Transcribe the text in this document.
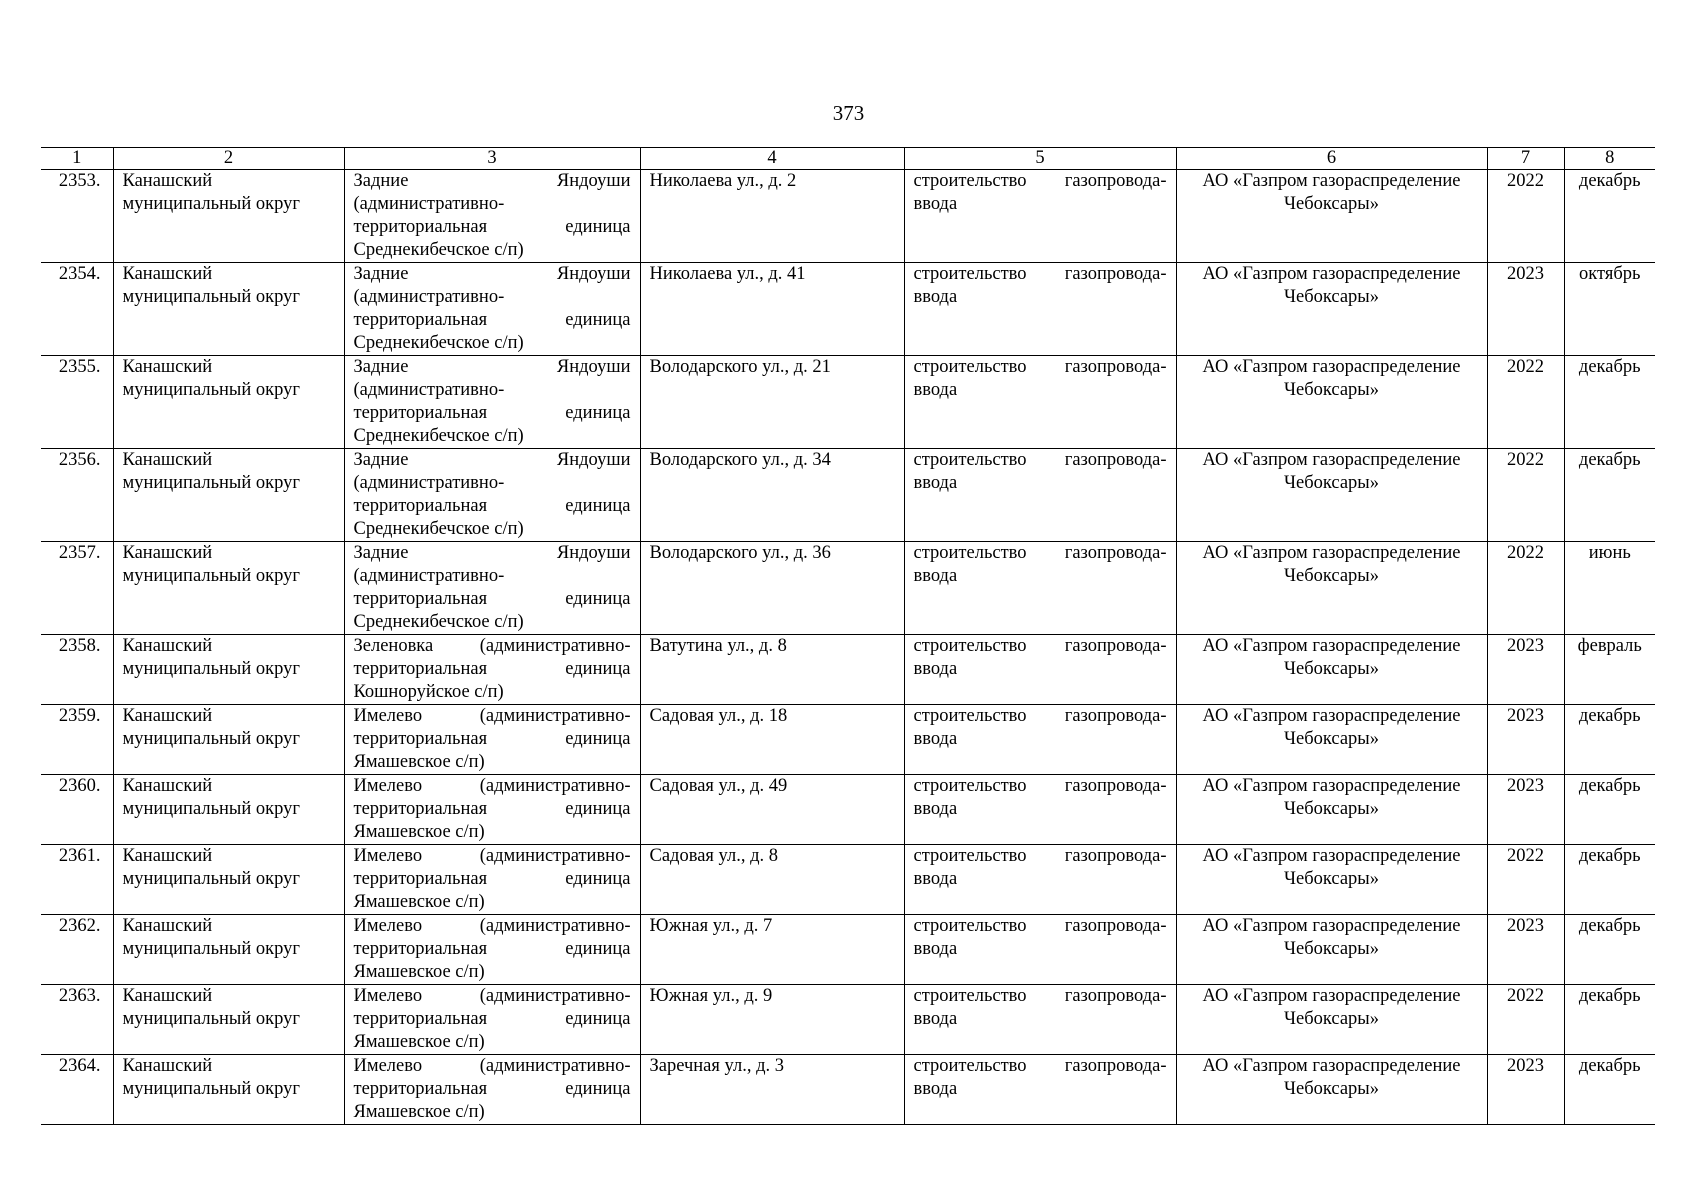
373
1	2	3	4	5	6	7	8
2353.	Канашский муниципальный округ	Задние Яндоуши (административно-территориальная единица Среднекибечское с/п)	Николаева ул., д. 2	строительство газопровода-ввода	АО «Газпром газораспределение Чебоксары»	2022	декабрь
2354.	Канашский муниципальный округ	Задние Яндоуши (административно-территориальная единица Среднекибечское с/п)	Николаева ул., д. 41	строительство газопровода-ввода	АО «Газпром газораспределение Чебоксары»	2023	октябрь
2355.	Канашский муниципальный округ	Задние Яндоуши (административно-территориальная единица Среднекибечское с/п)	Володарского ул., д. 21	строительство газопровода-ввода	АО «Газпром газораспределение Чебоксары»	2022	декабрь
2356.	Канашский муниципальный округ	Задние Яндоуши (административно-территориальная единица Среднекибечское с/п)	Володарского ул., д. 34	строительство газопровода-ввода	АО «Газпром газораспределение Чебоксары»	2022	декабрь
2357.	Канашский муниципальный округ	Задние Яндоуши (административно-территориальная единица Среднекибечское с/п)	Володарского ул., д. 36	строительство газопровода-ввода	АО «Газпром газораспределение Чебоксары»	2022	июнь
2358.	Канашский муниципальный округ	Зеленовка (административно-территориальная единица Кошноруйское с/п)	Ватутина ул., д. 8	строительство газопровода-ввода	АО «Газпром газораспределение Чебоксары»	2023	февраль
2359.	Канашский муниципальный округ	Имелево (административно-территориальная единица Ямашевское с/п)	Садовая ул., д. 18	строительство газопровода-ввода	АО «Газпром газораспределение Чебоксары»	2023	декабрь
2360.	Канашский муниципальный округ	Имелево (административно-территориальная единица Ямашевское с/п)	Садовая ул., д. 49	строительство газопровода-ввода	АО «Газпром газораспределение Чебоксары»	2023	декабрь
2361.	Канашский муниципальный округ	Имелево (административно-территориальная единица Ямашевское с/п)	Садовая ул., д. 8	строительство газопровода-ввода	АО «Газпром газораспределение Чебоксары»	2022	декабрь
2362.	Канашский муниципальный округ	Имелево (административно-территориальная единица Ямашевское с/п)	Южная ул., д. 7	строительство газопровода-ввода	АО «Газпром газораспределение Чебоксары»	2023	декабрь
2363.	Канашский муниципальный округ	Имелево (административно-территориальная единица Ямашевское с/п)	Южная ул., д. 9	строительство газопровода-ввода	АО «Газпром газораспределение Чебоксары»	2022	декабрь
2364.	Канашский муниципальный округ	Имелево (административно-территориальная единица Ямашевское с/п)	Заречная ул., д. 3	строительство газопровода-ввода	АО «Газпром газораспределение Чебоксары»	2023	декабрь
